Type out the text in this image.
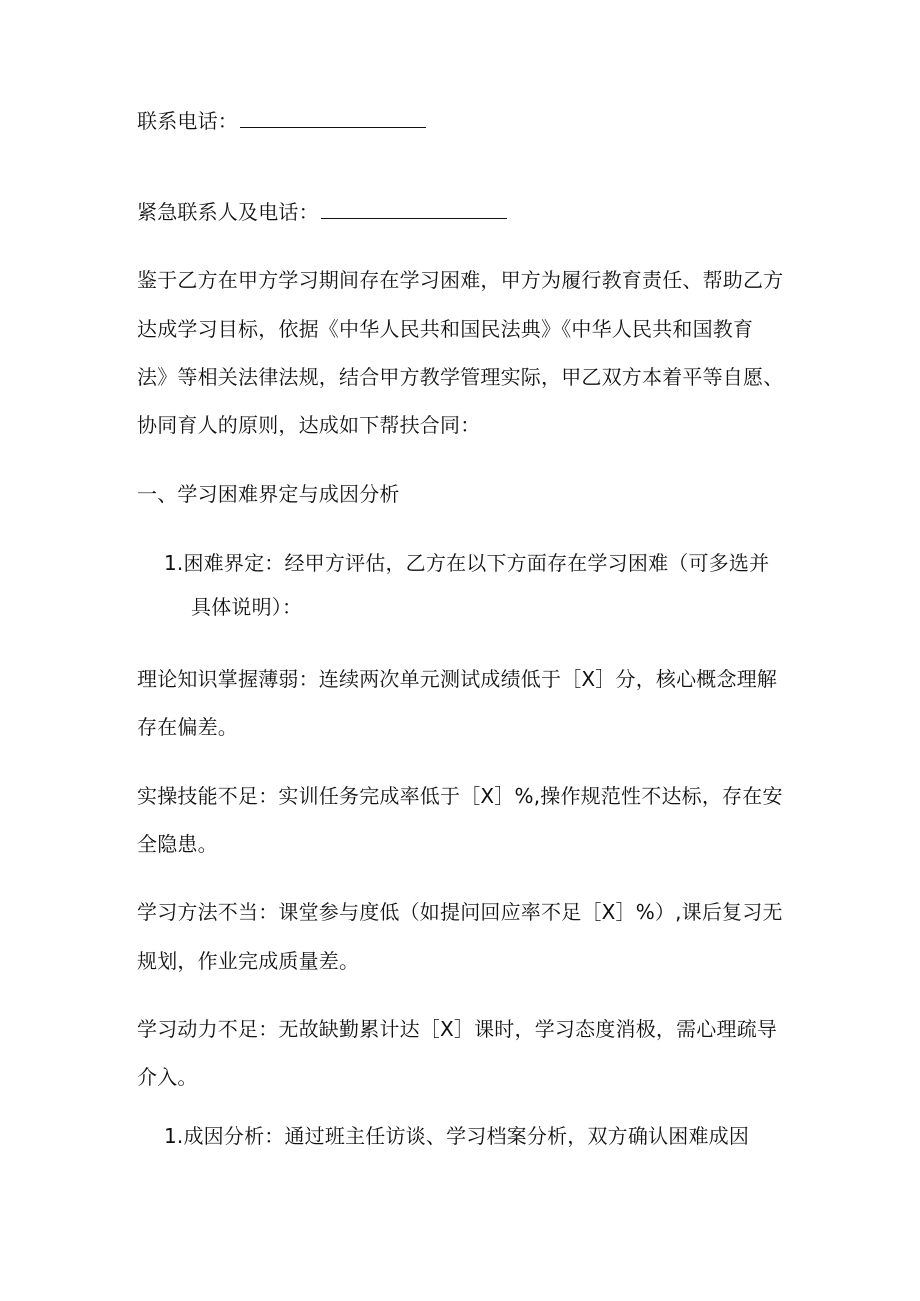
联系电话：
紧急联系人及电话：
鉴于乙方在甲方学习期间存在学习困难，甲方为履行教育责任、帮助乙方
达成学习目标，依据《中华人民共和国民法典》《中华人民共和国教育
法》等相关法律法规，结合甲方教学管理实际，甲乙双方本着平等自愿、
协同育人的原则，达成如下帮扶合同：
一、学习困难界定与成因分析
1.困难界定：经甲方评估，乙方在以下方面存在学习困难（可多选并
具体说明）：
理论知识掌握薄弱：连续两次单元测试成绩低于［X］分，核心概念理解
存在偏差。
实操技能不足：实训任务完成率低于［X］%,操作规范性不达标，存在安
全隐患。
学习方法不当：课堂参与度低（如提问回应率不足［X］%）,课后复习无
规划，作业完成质量差。
学习动力不足：无故缺勤累计达［X］课时，学习态度消极，需心理疏导
介入。
1.成因分析：通过班主任访谈、学习档案分析，双方确认困难成因
